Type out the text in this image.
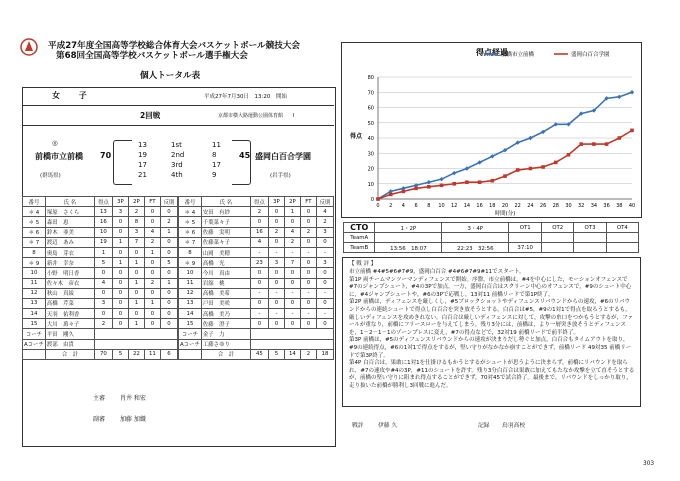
平成27年度全国高等学校総合体育大会バスケットボール競技大会
第68回全国高等学校バスケットボール選手権大会
個人トータル表
女 子	平成27年7月30日　13:20　開始
2回戦	京都市横大路運動公園体育館　　Ⅰ
◎
前橋市立前橋
(群馬県)
70	45 盛岡白百合学園
(岩手県)
13	1st	11
19	2nd	8
17	3rd	17
21	4th	9
番号	氏 名	得点	3P	2P	FT	反則
＊ 4	塚原　さくら	13	3	2	0	0
＊ 5	森田　恵	16	0	8	0	2
＊ 6	鈴木　亜美	10	0	3	4	1
＊ 7	渡辺　あみ	19	1	7	2	0
8	奥島　芽衣	1	0	0	1	0
＊ 9	新井　幸奈	5	1	1	0	5
10	小野　明日香	0	0	0	0	0
11	佐々木　彦衣	4	0	1	2	1
12	秋山　真綾	0	0	0	0	0
13	高橋　芹菜	3	0	1	1	0
14	天羽　佑利香	0	0	0	0	0
15	大川　萬々子	2	0	1	0	0
コーチ	平田　剛久					
Aコーチ	渡部　由貴					
	合　計	70	5	22	11	6
番号	氏 名	得点	3P	2P	FT	反則
＊ 4	安田　有紗	2	0	1	0	4
＊ 5	千葉菜々子	0	0	0	0	2
＊ 6	佐藤　実明	16	2	4	2	3
＊ 7	佐藤菜々子	4	0	2	0	0
8	山岡　美穂	-	-	-	-	-
＊ 9	高橋　光	23	3	7	0	3
10	今川　真由	0	0	0	0	0
11	岩舘　桃	0	0	0	0	0
12	高橋　美希	-	-	-	-	-
13	戸田　美咲	0	0	0	0	0
14	高橋　美乃	-	-	-	-	-
15	佐藤　澄子	0	0	0	0	0
コーチ	金子　力					
Aコーチ	工藤さゆり					
	合　計	45	5	14	2	18
主審 肖井 和宏
副審 加藤 加織
得点経過
0
10
20
30
40
50
60
70
80
0 2 4 6 8 10 12 14 16 18 20 22 24 26 28 30 32 34 36 38 40
時間(分)
得点
前橋市立前橋	盛岡白百合学園
CTO	1・2P	3・4P	OT1	OT2	OT3	OT4
TeamA						
TeamB	13:56　18:07	22:23　32:56	37:10			
【 戦 評 】
市立前橋 #4#5#6#7#9，盛岡白百合 #4#6#7#9#11でスタート。
第1P 両チームマンツーマンディフェンスで開始。序盤，市立前橋は，#4を中心にした，モーションオフェンスで#7のジャンプシュート，#4の3Pで加点。一方，盛岡白百合はスクリーン中心のオフェンスで，#9のシュート中心に，#4ジャンプシュートや，#6の3Pで応戦し，13対11 前橋リードで第1P終了。
第2P 前橋は，ディフェンスを厳しくし，#5ブロックショットやディフェンスリバウンドからの速攻，#6のリバウンドからの連続シュートで得点し白百合を突き放そうとする。白百合は#5，#9の1対1で得点を取ろうとするも，厳しいディフェンスを攻めきれない。白百合は厳しいディフェンスに対して，攻撃の糸口をつかもうとするが，ファールが重なり，前橋にフリースローを与えてしまう。残り3分には，前橋は，より一層突き放そうとディフェンスを，1－2－1－1のゾーンプレスに変え，#7の得点などで，32対19 前橋リードで前半終了。
第3P 前橋は，#5のディフェンスリバウンドからの速攻が決まりだし勢ぐと加点。白百合もタイムアウトを取り，#9の連続得点，#6の1対1で得点をするが，堅い守りがなかなか崩すことができず，前橋リード 49対35 前橋リードで第3P終了。
第4P 白百合は，果敢に1対1を仕掛けるもかうとするがシュートが思うように決まらず，前橋にリバウンドを取られ，#7の速攻や#4の3P，#11のシュートを許す。残り3分白百合は果敢に加えてもたなか攻撃を立て直そうとするが，前橋の堅い守りに阻まれ得点することができず，70対45で試合終了。最後まで，リバウンドをしっかり取り，走り抜いた前橋が勝利し3回戦に進んだ。
戦評 伊藤 久	記録 鳥羽高校
303
